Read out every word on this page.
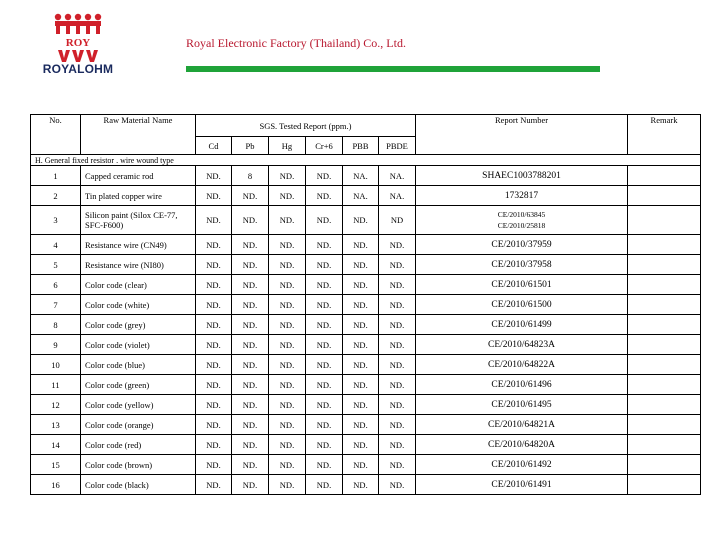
ROY
ROYALOHM
Royal Electronic Factory (Thailand) Co., Ltd.
No.	Raw Material Name	SGS. Tested Report (ppm.)						Report Number	Remark
		Cd	Pb	Hg	Cr+6	PBB	PBDE		
H. General fixed resistor . wire wound type									
1	Capped ceramic rod	ND.	8	ND.	ND.	NA.	NA.	SHAEC1003788201	
2	Tin plated copper wire	ND.	ND.	ND.	ND.	NA.	NA.	1732817	
3	Silicon paint (Silox CE-77, SFC-F600)	ND.	ND.	ND.	ND.	ND.	ND	CE/2010/63845
CE/2010/25818	

4	Resistance wire (CN49)	ND.	ND.	ND.	ND.	ND.	ND.	CE/2010/37959	
5	Resistance wire (NI80)	ND.	ND.	ND.	ND.	ND.	ND.	CE/2010/37958	
6	Color code (clear)	ND.	ND.	ND.	ND.	ND.	ND.	CE/2010/61501	
7	Color code (white)	ND.	ND.	ND.	ND.	ND.	ND.	CE/2010/61500	
8	Color code (grey)	ND.	ND.	ND.	ND.	ND.	ND.	CE/2010/61499	
9	Color code (violet)	ND.	ND.	ND.	ND.	ND.	ND.	CE/2010/64823A	
10	Color code (blue)	ND.	ND.	ND.	ND.	ND.	ND.	CE/2010/64822A	
11	Color code (green)	ND.	ND.	ND.	ND.	ND.	ND.	CE/2010/61496	
12	Color code (yellow)	ND.	ND.	ND.	ND.	ND.	ND.	CE/2010/61495	
13	Color code (orange)	ND.	ND.	ND.	ND.	ND.	ND.	CE/2010/64821A	
14	Color code (red)	ND.	ND.	ND.	ND.	ND.	ND.	CE/2010/64820A	
15	Color code (brown)	ND.	ND.	ND.	ND.	ND.	ND.	CE/2010/61492	
16	Color code (black)	ND.	ND.	ND.	ND.	ND.	ND.	CE/2010/61491	
